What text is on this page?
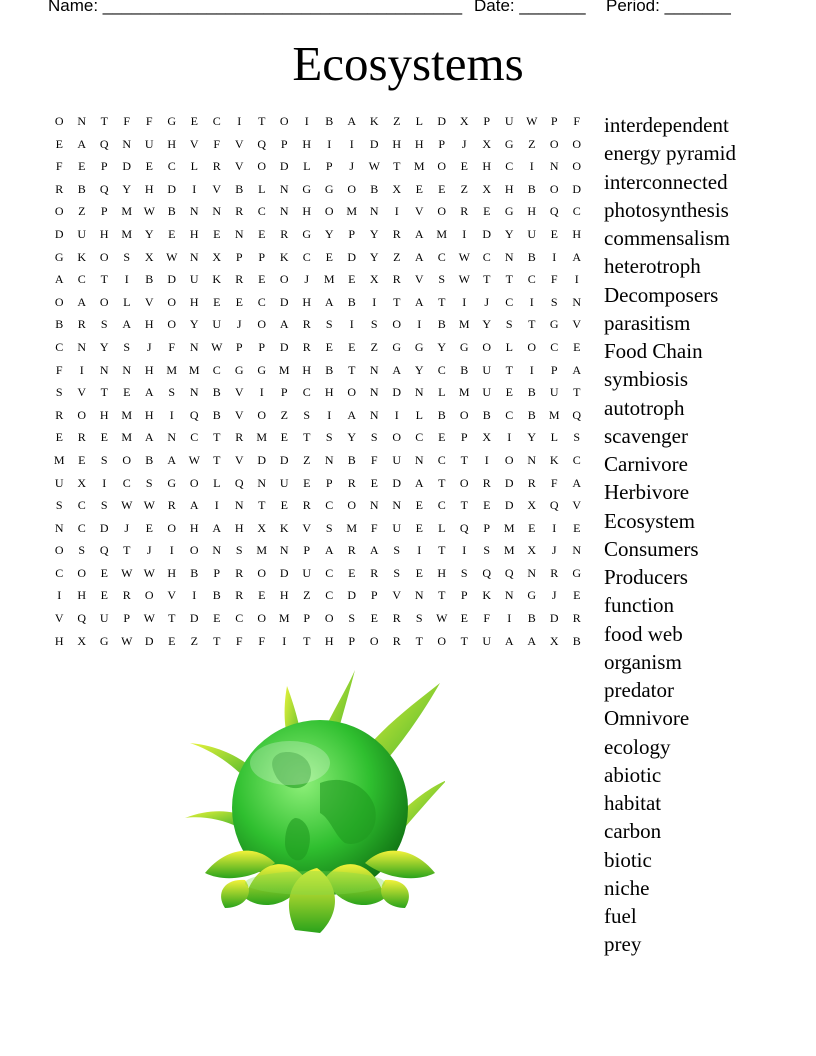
Name: ______________________________________ Date: _______ Period: _______
Ecosystems
O	N	T	F	F	G	E	C	I	T	O	I	B	A	K	Z	L	D	X	P	U	W	P	F
E	A	Q	N	U	H	V	F	V	Q	P	H	I	I	D	H	H	P	J	X	G	Z	O	O
F	E	P	D	E	C	L	R	V	O	D	L	P	J	W	T	M	O	E	H	C	I	N	O
R	B	Q	Y	H	D	I	V	B	L	N	G	G	O	B	X	E	E	Z	X	H	B	O	D
O	Z	P	M W	B	N	N	R	C	N	H	O	M	N	I	V	O	R	E	G	H	Q	C
D	U	H	M	Y	E	H	E	N	E	R	G	Y	P	Y	R	A	M	I	D	Y	U	E	H
G	K	O	S	X	W	N	X	P	P	K	C	E	D	Y	Z	A	C	W	C	N	B	I	A
A	C	T	I	B	D	U	K	R	E	O	J	M	E	X	R	V	S	W	T	T	C	F	I
O	A	O	L	V	O	H	E	E	C	D	H	A	B	I	T	A	T	I	J	C	I	S	N
B	R	S	A	H	O	Y	U	J	O	A	R	S	I	S	O	I	B	M	Y	S	T	G	V
C	N	Y	S	J	F	N	W	P	P	D	R	E	E	Z	G	G	Y	G	O	L	O	C	E
F	I	N	N	H	M M	C	G	G	M	H	B	T	N	A	Y	C	B	U	T	I	P	A
S	V	T	E	A	S	N	B	V	I	P	C	H	O	N	D	N	L	M	U	E	B	U	T
R	O	H	M	H	I	Q	B	V	O	Z	S	I	A	N	I	L	B	O	B	C	B	M	Q
E	R	E	M	A	N	C	T	R	M	E	T	S	Y	S	O	C	E	P	X	I	Y	L	S
M	E	S	O	B	A	W	T	V	D	D	Z	N	B	F	U	N	C	T	I	O	N	K	C
U	X	I	C	S	G	O	L	Q	N	U	E	P	R	E	D	A	T	O	R	D	R	F	A
S	C	S	W W	R	A	I	N	T	E	R	C	O	N	N	E	C	T	E	D	X	Q	V
N	C	D	J	E	O	H	A	H	X	K	V	S	M	F	U	E	L	Q	P	M	E	I	E
O	S	Q	T	J	I	O	N	S	M	N	P	A	R	A	S	I	T	I	S	M	X	J	N
C	O	E	W W	H	B	P	R	O	D	U	C	E	R	S	E	H	S	Q	Q	N	R	G
I	H	E	R	O	V	I	B	R	E	H	Z	C	D	P	V	N	T	P	K	N	G	J	E
V	Q	U	P	W	T	D	E	C	O	M	P	O	S	E	R	S	W	E	F	I	B	D	R
H	X	G	W	D	E	Z	T	F	F	I	T	H	P	O	R	T	O	T	U	A	A	X	B
interdependent
energy pyramid
interconnected
photosynthesis
commensalism
heterotroph
Decomposers
parasitism
Food Chain
symbiosis
autotroph
scavenger
Carnivore
Herbivore
Ecosystem
Consumers
Producers
function
food web
organism
predator
Omnivore
ecology
abiotic
habitat
carbon
biotic
niche
fuel
prey
